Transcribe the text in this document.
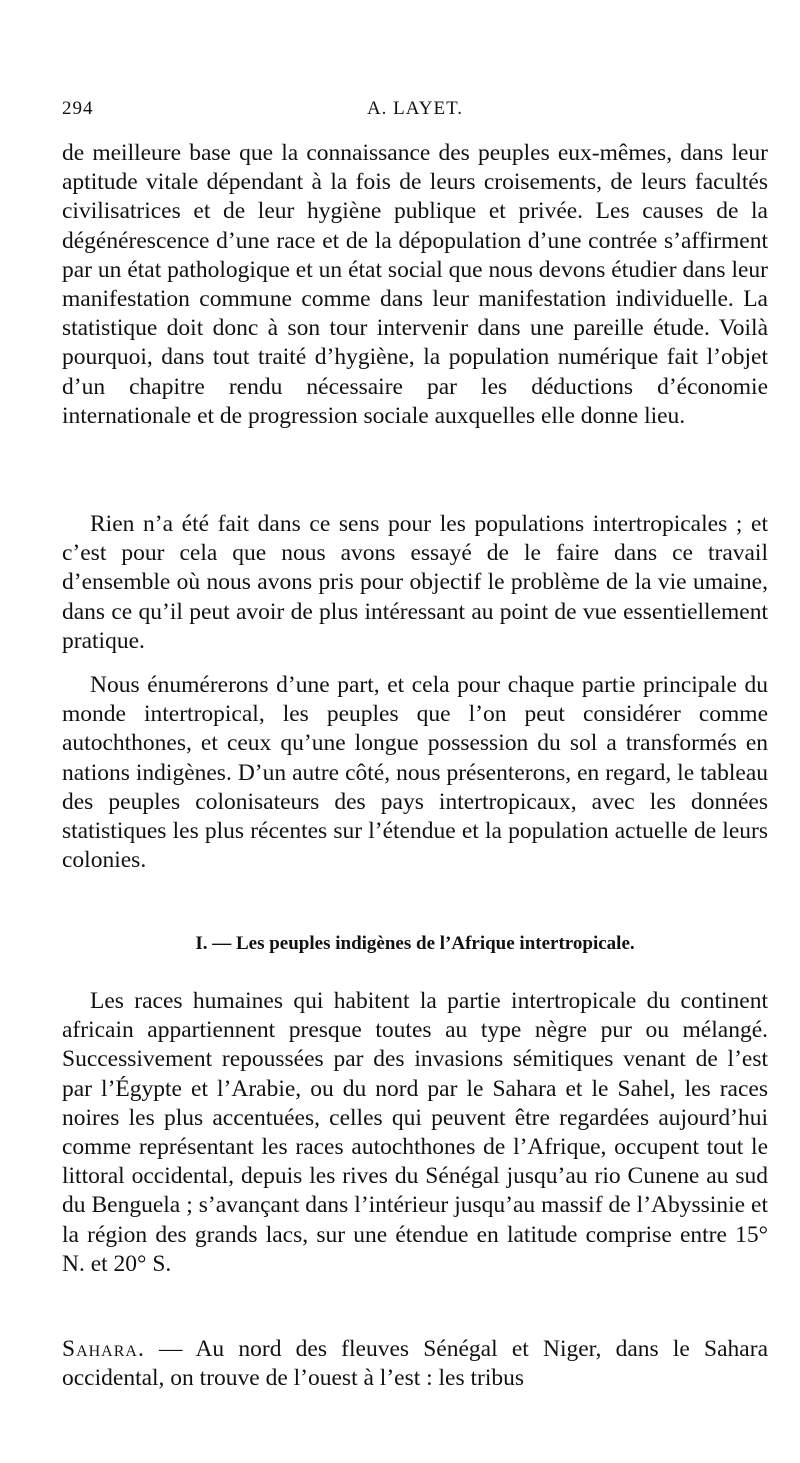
294	A. LAYET.

de meilleure base que la connaissance des peuples eux-mêmes, dans leur aptitude vitale dépendant à la fois de leurs croisements, de leurs facultés civilisatrices et de leur hygiène publique et privée. Les causes de la dégénérescence d’une race et de la dépopulation d’une contrée s’affirment par un état pathologique et un état social que nous devons étudier dans leur manifestation commune comme dans leur manifestation individuelle. La statistique doit donc à son tour intervenir dans une pareille étude. Voilà pourquoi, dans tout traité d’hygiène, la population numérique fait l’objet d’un chapitre rendu nécessaire par les déductions d’économie internationale et de progression sociale auxquelles elle donne lieu.

Rien n’a été fait dans ce sens pour les populations intertropicales ; et c’est pour cela que nous avons essayé de le faire dans ce travail d’ensemble où nous avons pris pour objectif le problème de la vie umaine, dans ce qu’il peut avoir de plus intéressant au point de vue essentiellement pratique.

Nous énumérerons d’une part, et cela pour chaque partie principale du monde intertropical, les peuples que l’on peut considérer comme autochthones, et ceux qu’une longue possession du sol a transformés en nations indigènes. D’un autre côté, nous présenterons, en regard, le tableau des peuples colonisateurs des pays intertropicaux, avec les données statistiques les plus récentes sur l’étendue et la population actuelle de leurs colonies.

I. — Les peuples indigènes de l’Afrique intertropicale.

Les races humaines qui habitent la partie intertropicale du continent africain appartiennent presque toutes au type nègre pur ou mélangé. Successivement repoussées par des invasions sémitiques venant de l’est par l’Égypte et l’Arabie, ou du nord par le Sahara et le Sahel, les races noires les plus accentuées, celles qui peuvent être regardées aujourd’hui comme représentant les races autochthones de l’Afrique, occupent tout le littoral occidental, depuis les rives du Sénégal jusqu’au rio Cunene au sud du Benguela ; s’avançant dans l’intérieur jusqu’au massif de l’Abyssinie et la région des grands lacs, sur une étendue en latitude comprise entre 15° N. et 20° S.

Sahara. — Au nord des fleuves Sénégal et Niger, dans le Sahara occidental, on trouve de l’ouest à l’est : les tribus
